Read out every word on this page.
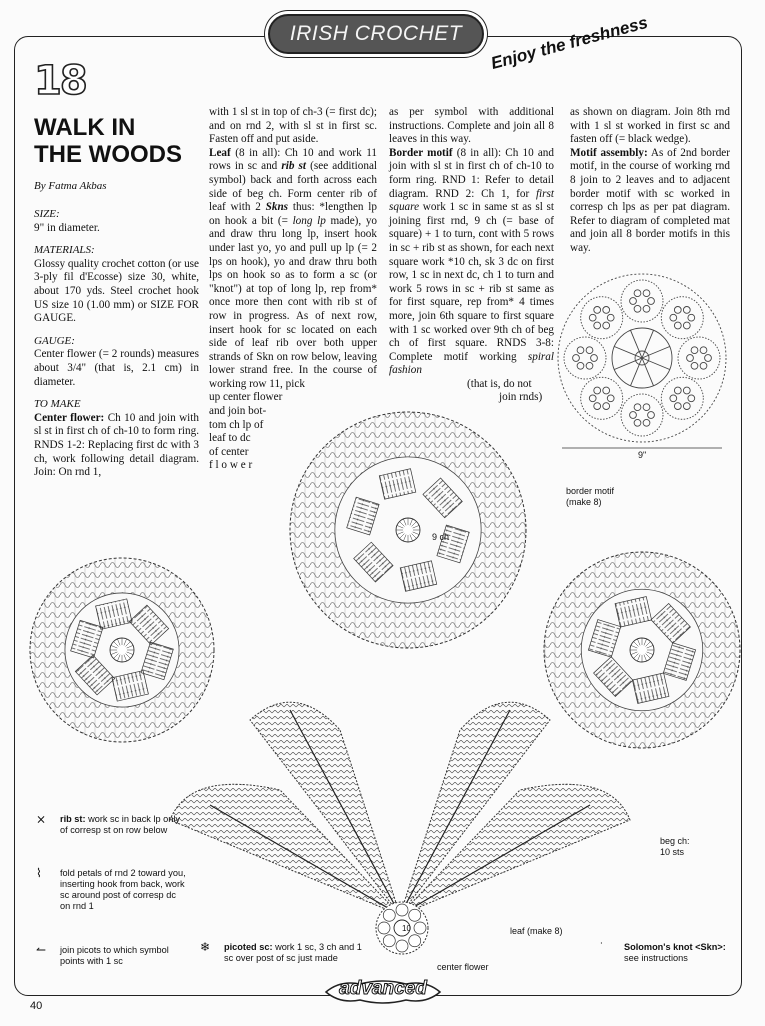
IRISH CROCHET	Enjoy the freshness
18
WALK IN
THE WOODS
By Fatma Akbas

SIZE:

9" in diameter.

MATERIALS:

Glossy quality crochet cotton (or use 3-ply fil d'Ecosse) size 30, white, about 170 yds. Steel crochet hook US size 10 (1.00 mm) or SIZE FOR GAUGE.

GAUGE:

Center flower (= 2 rounds) measures about 3/4" (that is, 2.1 cm) in diameter.

TO MAKE

Center flower: Ch 10 and join with sl st in first ch of ch-10 to form ring. RNDS 1-2: Replacing first dc with 3 ch, work following detail diagram. Join: On rnd 1,

with 1 sl st in top of ch-3 (= first dc); and on rnd 2, with sl st in first sc. Fasten off and put aside.

Leaf (8 in all): Ch 10 and work 11 rows in sc and rib st (see additional symbol) back and forth across each side of beg ch. Form center rib of leaf with 2 Skns thus: *lengthen lp on hook a bit (= long lp made), yo and draw thru long lp, insert hook under last yo, yo and pull up lp (= 2 lps on hook), yo and draw thru both lps on hook so as to form a sc (or "knot") at top of long lp, rep from* once more then cont with rib st of row in progress. As of next row, insert hook for sc located on each side of leaf rib over both upper strands of Skn on row below, leaving lower strand free. In the course of working row 11, pick

up center flower
and join bot-
tom ch lp of
leaf to dc
of center
f l o w e r

as per symbol with additional instructions. Complete and join all 8 leaves in this way.

Border motif (8 in all): Ch 10 and join with sl st in first ch of ch-10 to form ring. RND 1: Refer to detail diagram. RND 2: Ch 1, for first square work 1 sc in same st as sl st joining first rnd, 9 ch (= base of square) + 1 to turn, cont with 5 rows in sc + rib st as shown, for each next square work *10 ch, sk 3 dc on first row, 1 sc in next dc, ch 1 to turn and work 5 rows in sc + rib st same as for first square, rep from* 4 times more, join 6th square to first square with 1 sc worked over 9th ch of beg ch of first square. RNDS 3-8: Complete motif working spiral fashion

(that is, do not

join rnds)

as shown on diagram. Join 8th rnd with 1 sl st worked in first sc and fasten off (= black wedge).

Motif assembly: As of 2nd border motif, in the course of working rnd 8 join to 2 leaves and to adjacent border motif with sc worked in corresp ch lps as per pat diagram. Refer to diagram of completed mat and join all 8 border motifs in this way.

9"
9 ch
10
border motif
(make 8)
beg ch:
10 sts
leaf (make 8)
center flower
⨯ rib st: work sc in back lp only of corresp st on row below
⌇ fold petals of rnd 2 toward you, inserting hook from back, work sc around post of corresp dc on rnd 1
↼ join picots to which symbol points with 1 sc
❄ picoted sc: work 1 sc, 3 ch and 1 sc over post of sc just made
˙ Solomon's knot <Skn>: see instructions
advanced
40
